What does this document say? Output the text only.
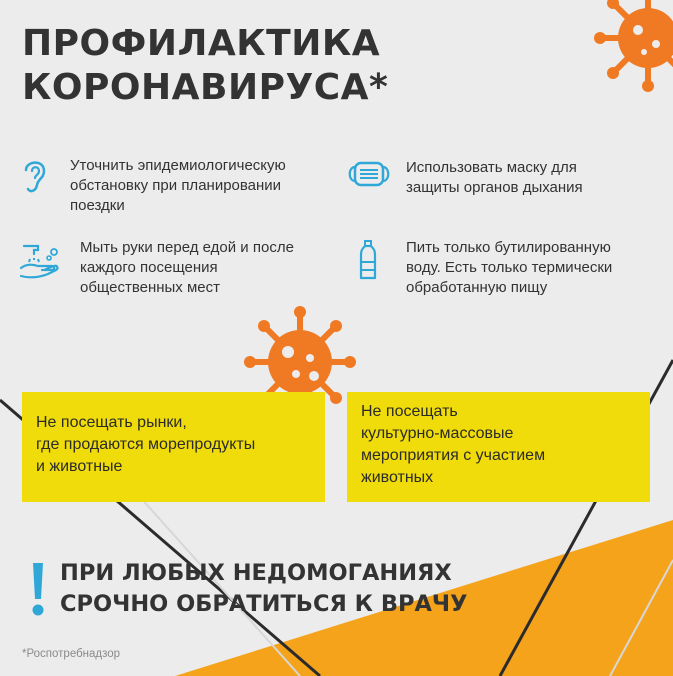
ПРОФИЛАКТИКА
КОРОНАВИРУСА*
Уточнить эпидемиологическую
обстановку при планировании
поездки
Использовать маску для
защиты органов дыхания
Мыть руки перед едой и после
каждого посещения
общественных мест
Пить только бутилированную
воду. Есть только термически
обработанную пищу
Не посещать рынки,
где продаются морепродукты
и животные
Не посещать
культурно-массовые
мероприятия с участием
животных
ПРИ ЛЮБЫХ НЕДОМОГАНИЯХ
СРОЧНО ОБРАТИТЬСЯ К ВРАЧУ
*Роспотребнадзор
